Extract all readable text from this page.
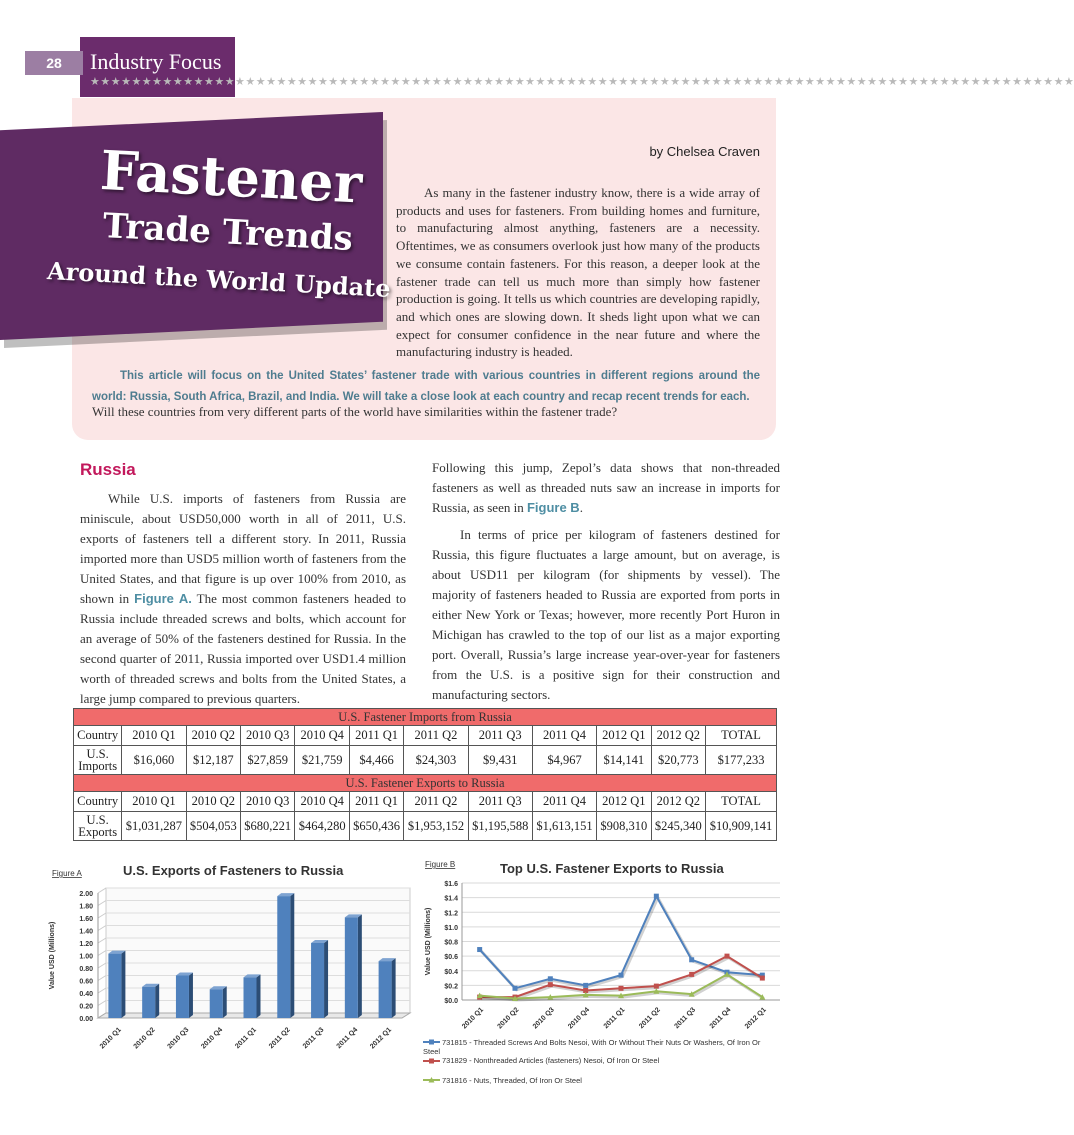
28	Industry Focus
★★★★★★★★★★★★★★★★★★★★★★★★★★★★★★★★★★★★★★★★★★★★★★★★★★★★★★★★★★★★★★★★★★★★★★★★★★★★★★★★★★★★★★★★★★★★★★★
Fastener
Trade Trends
Around the World Update
by Chelsea Craven
As many in the fastener industry know, there is a wide array of products and uses for fasteners. From building homes and furniture, to manufacturing almost anything, fasteners are a necessity. Oftentimes, we as consumers overlook just how many of the products we consume contain fasteners. For this reason, a deeper look at the fastener trade can tell us much more than simply how fastener production is going. It tells us which countries are developing rapidly, and which ones are slowing down. It sheds light upon what we can expect for consumer confidence in the near future and where the manufacturing industry is headed.
This article will focus on the United States’ fastener trade with various countries in different regions around the world: Russia, South Africa, Brazil, and India. We will take a close look at each country and recap recent trends for each.
Will these countries from very different parts of the world have similarities within the fastener trade?
Russia
While U.S. imports of fasteners from Russia are miniscule, about USD50,000 worth in all of 2011, U.S. exports of fasteners tell a different story. In 2011, Russia imported more than USD5 million worth of fasteners from the United States, and that figure is up over 100% from 2010, as shown in Figure A. The most common fasteners headed to Russia include threaded screws and bolts, which account for an average of 50% of the fasteners destined for Russia. In the second quarter of 2011, Russia imported over USD1.4 million worth of threaded screws and bolts from the United States, a large jump compared to previous quarters.
Following this jump, Zepol’s data shows that non-threaded fasteners as well as threaded nuts saw an increase in imports for Russia, as seen in Figure B.
In terms of price per kilogram of fasteners destined for Russia, this figure fluctuates a large amount, but on average, is about USD11 per kilogram (for shipments by vessel). The majority of fasteners headed to Russia are exported from ports in either New York or Texas; however, more recently Port Huron in Michigan has crawled to the top of our list as a major exporting port. Overall, Russia’s large increase year-over-year for fasteners from the U.S. is a positive sign for their construction and manufacturing sectors.
U.S. Fastener Imports from Russia											
Country	2010 Q1	2010 Q2	2010 Q3	2010 Q4	2011 Q1	2011 Q2	2011 Q3	2011 Q4	2012 Q1	2012 Q2	TOTAL
U.S.
Imports	$16,060	$12,187	$27,859	$21,759	$4,466	$24,303	$9,431	$4,967	$14,141	$20,773	$177,233
U.S. Fastener Exports to Russia											
Country	2010 Q1	2010 Q2	2010 Q3	2010 Q4	2011 Q1	2011 Q2	2011 Q3	2011 Q4	2012 Q1	2012 Q2	TOTAL
U.S.
Exports	$1,031,287	$504,053	$680,221	$464,280	$650,436	$1,953,152	$1,195,588	$1,613,151	$908,310	$245,340	$10,909,141
Figure A	U.S. Exports of Fasteners to Russia
Value USD (Millions)
0.00
0.20
0.40
0.60
0.80
1.00
1.20
1.40
1.60
1.80
2.00
2010 Q1 2010 Q2 2010 Q3 2010 Q4 2011 Q1 2011 Q2 2011 Q3 2011 Q4 2012 Q1
Figure B	Top U.S. Fastener Exports to Russia
Value USD (Millions)
$0.0
$0.2
$0.4
$0.6
$0.8
$1.0
$1.2
$1.4
$1.6
2010 Q1 2010 Q2 2010 Q3 2010 Q4 2011 Q1 2011 Q2 2011 Q3 2011 Q4 2012 Q1
731815 - Threaded Screws And Bolts Nesoi, With Or Without Their Nuts Or Washers, Of Iron Or Steel
731829 - Nonthreaded Articles (fasteners) Nesoi, Of Iron Or Steel
731816 - Nuts, Threaded, Of Iron Or Steel
